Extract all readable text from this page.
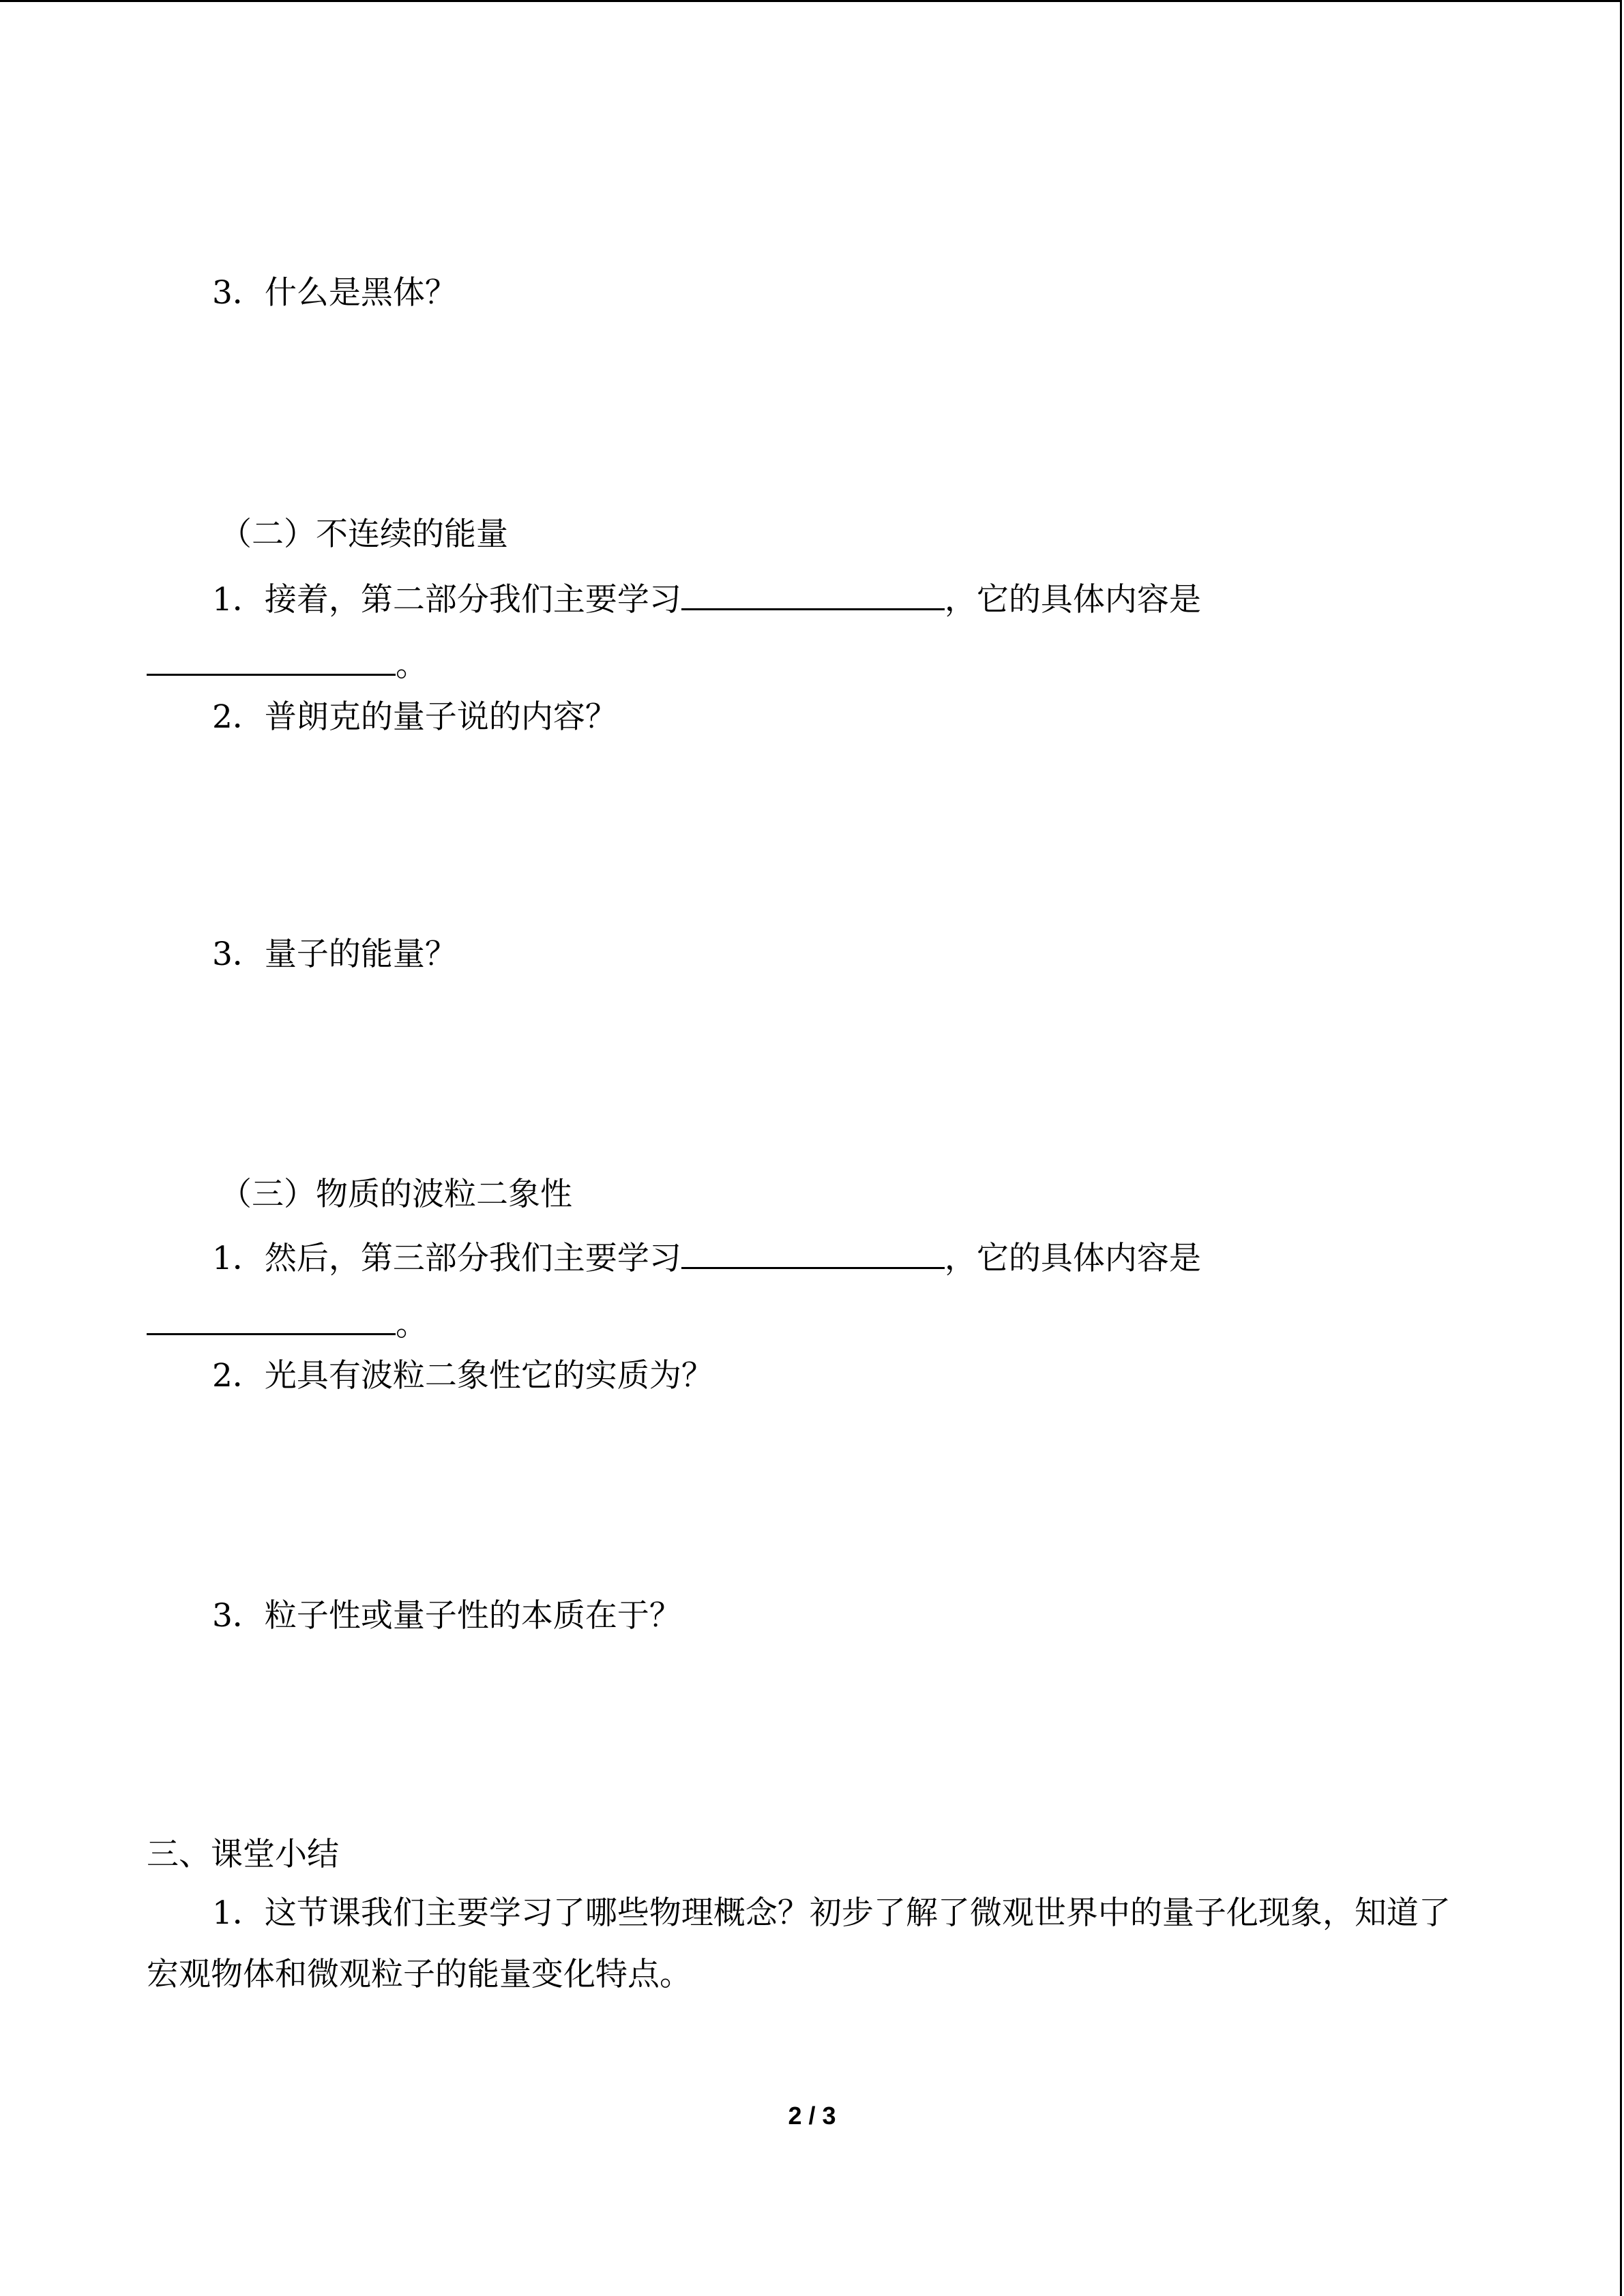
3．什么是黑体？
（二）不连续的能量
1．接着，第二部分我们主要学习	，它的具体内容是
。
2．普朗克的量子说的内容？
3．量子的能量？
（三）物质的波粒二象性
1．然后，第三部分我们主要学习	，它的具体内容是
。
2．光具有波粒二象性它的实质为？
3．粒子性或量子性的本质在于？
三、课堂小结
1．这节课我们主要学习了哪些物理概念？初步了解了微观世界中的量子化现象，知道了
宏观物体和微观粒子的能量变化特点。
2 / 3
